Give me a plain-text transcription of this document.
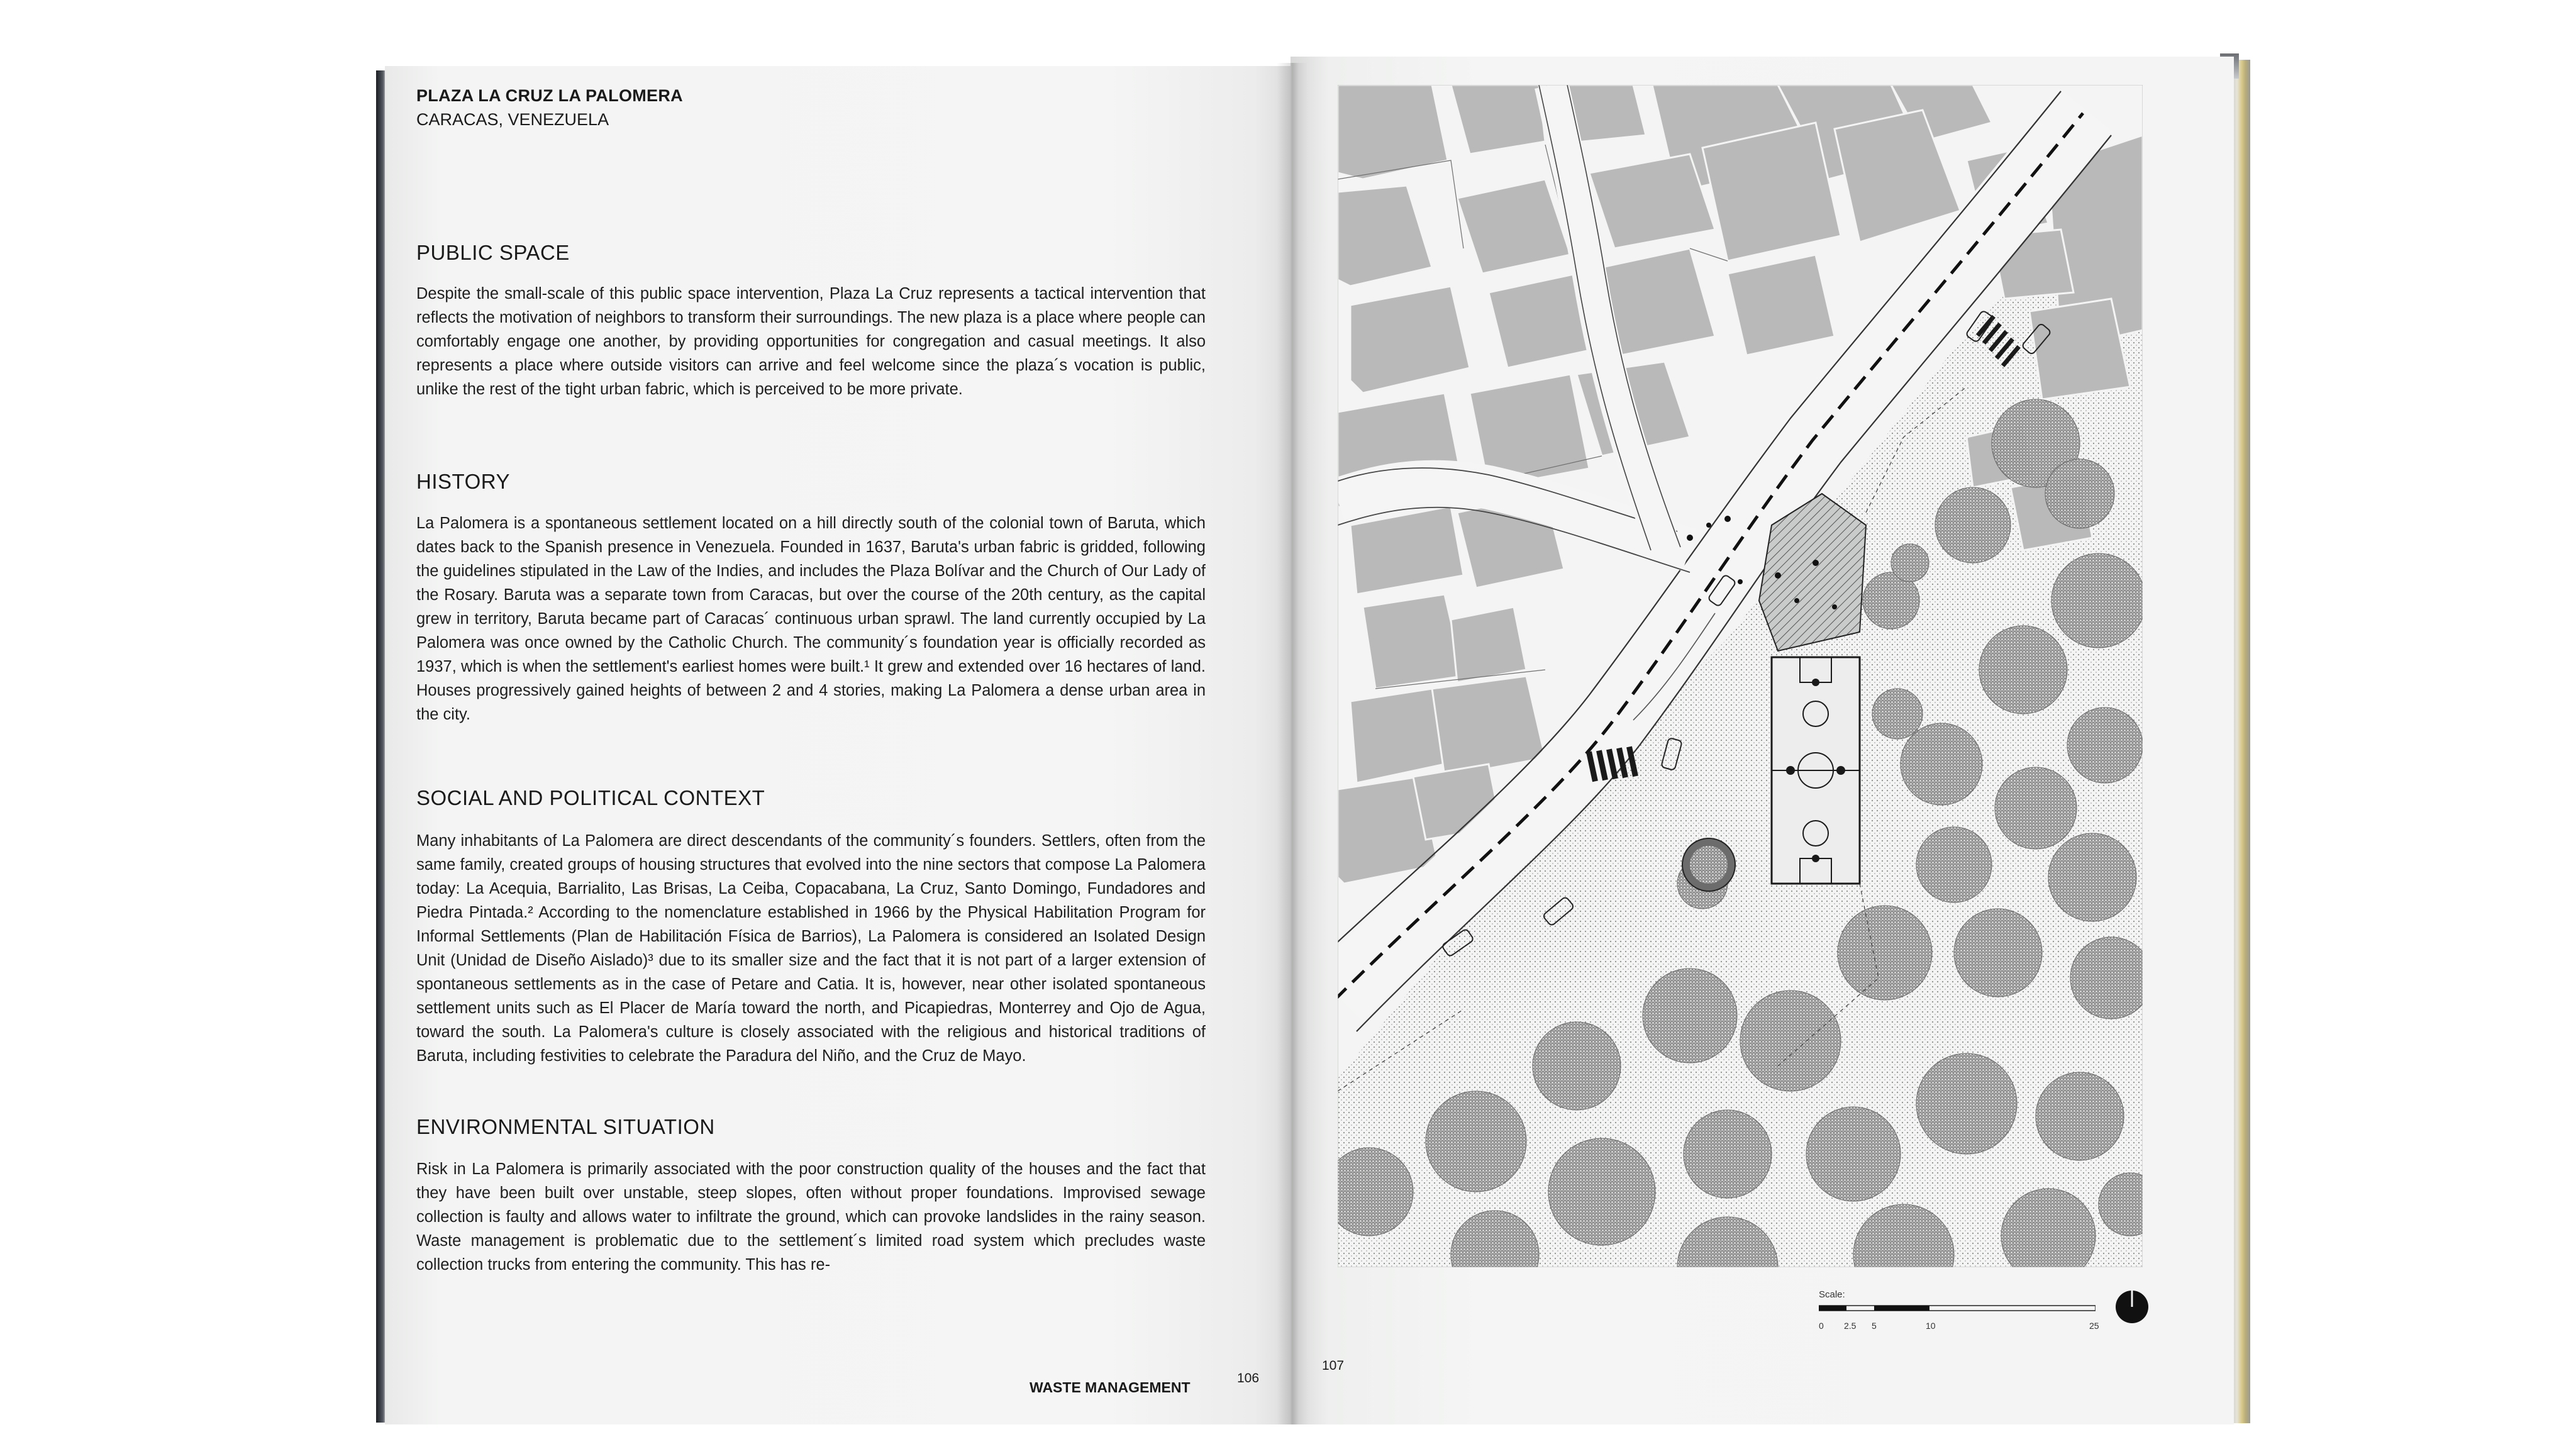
PLAZA LA CRUZ LA PALOMERA
CARACAS, VENEZUELA
PUBLIC SPACE
Despite the small-scale of this public space intervention, Plaza La Cruz represents a tactical intervention that reflects the motivation of neighbors to transform their surroundings. The new plaza is a place where people can comfortably engage one another, by providing opportunities for congregation and casual meetings. It also represents a place where outside visitors can arrive and feel welcome since the plaza´s vocation is public, unlike the rest of the tight urban fabric, which is perceived to be more private.
HISTORY
La Palomera is a spontaneous settlement located on a hill directly south of the colonial town of Baruta, which dates back to the Spanish presence in Venezuela. Founded in 1637, Baruta's urban fabric is gridded, following the guidelines stipulated in the Law of the Indies, and includes the Plaza Bolívar and the Church of Our Lady of the Rosary. Baruta was a separate town from Caracas, but over the course of the 20th century, as the capital grew in territory, Baruta became part of Caracas´ continuous urban sprawl. The land currently occupied by La Palomera was once owned by the Catholic Church. The community´s foundation year is officially recorded as 1937, which is when the settlement's earliest homes were built.¹ It grew and extended over 16 hectares of land. Houses progressively gained heights of between 2 and 4 stories, making La Palomera a dense urban area in the city.
SOCIAL AND POLITICAL CONTEXT
Many inhabitants of La Palomera are direct descendants of the community´s founders. Settlers, often from the same family, created groups of housing structures that evolved into the nine sectors that compose La Palomera today: La Acequia, Barrialito, Las Brisas, La Ceiba, Copacabana, La Cruz, Santo Domingo, Fundadores and Piedra Pintada.² According to the nomenclature established in 1966 by the Physical Habilitation Program for Informal Settlements (Plan de Habilitación Física de Barrios), La Palomera is considered an Isolated Design Unit (Unidad de Diseño Aislado)³ due to its smaller size and the fact that it is not part of a larger extension of spontaneous settlements as in the case of Petare and Catia. It is, however, near other isolated spontaneous settlement units such as El Placer de María toward the north, and Picapiedras, Monterrey and Ojo de Agua, toward the south. La Palomera's culture is closely associated with the religious and historical traditions of Baruta, including festivities to celebrate the Paradura del Niño, and the Cruz de Mayo.
ENVIRONMENTAL SITUATION
Risk in La Palomera is primarily associated with the poor construction quality of the houses and the fact that they have been built over unstable, steep slopes, often without proper foundations. Improvised sewage collection is faulty and allows water to infiltrate the ground, which can provoke landslides in the rainy season. Waste management is problematic due to the settlement´s limited road system which precludes waste collection trucks from entering the community. This has re-
WASTE MANAGEMENT
106
Scale:
0 2.5 5	10	25
107
